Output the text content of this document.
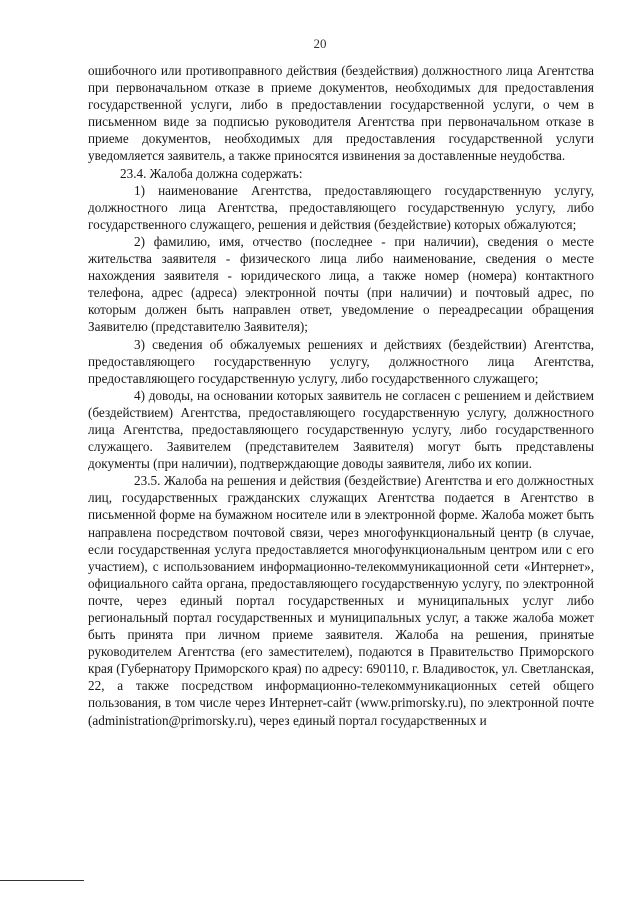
20

ошибочного или противоправного действия (бездействия) должностного лица Агентства при первоначальном отказе в приеме документов, необходимых для предоставления государственной услуги, либо в предоставлении государственной услуги, о чем в письменном виде за подписью руководителя Агентства при первоначальном отказе в приеме документов, необходимых для предоставления государственной услуги уведомляется заявитель, а также приносятся извинения за доставленные неудобства.

23.4. Жалоба должна содержать:

1) наименование Агентства, предоставляющего государственную услугу, должностного лица Агентства, предоставляющего государственную услугу, либо государственного служащего, решения и действия (бездействие) которых обжалуются;

2) фамилию, имя, отчество (последнее - при наличии), сведения о месте жительства заявителя - физического лица либо наименование, сведения о месте нахождения заявителя - юридического лица, а также номер (номера) контактного телефона, адрес (адреса) электронной почты (при наличии) и почтовый адрес, по которым должен быть направлен ответ, уведомление о переадресации обращения Заявителю (представителю Заявителя);

3) сведения об обжалуемых решениях и действиях (бездействии) Агентства, предоставляющего государственную услугу, должностного лица Агентства, предоставляющего государственную услугу, либо государственного служащего;

4) доводы, на основании которых заявитель не согласен с решением и действием (бездействием) Агентства, предоставляющего государственную услугу, должностного лица Агентства, предоставляющего государственную услугу, либо государственного служащего. Заявителем (представителем Заявителя) могут быть представлены документы (при наличии), подтверждающие доводы заявителя, либо их копии.

23.5. Жалоба на решения и действия (бездействие) Агентства и его должностных лиц, государственных гражданских служащих Агентства подается в Агентство в письменной форме на бумажном носителе или в электронной форме. Жалоба может быть направлена посредством почтовой связи, через многофункциональный центр (в случае, если государственная услуга предоставляется многофункциональным центром или с его участием), с использованием информационно-телекоммуникационной сети «Интернет», официального сайта органа, предоставляющего государственную услугу, по электронной почте, через единый портал государственных и муниципальных услуг либо региональный портал государственных и муниципальных услуг, а также жалоба может быть принята при личном приеме заявителя. Жалоба на решения, принятые руководителем Агентства (его заместителем), подаются в Правительство Приморского края (Губернатору Приморского края) по адресу: 690110, г. Владивосток, ул. Светланская, 22, а также посредством информационно-телекоммуникационных сетей общего пользования, в том числе через Интернет-сайт (www.primorsky.ru), по электронной почте (administration@primorsky.ru), через единый портал государственных и
